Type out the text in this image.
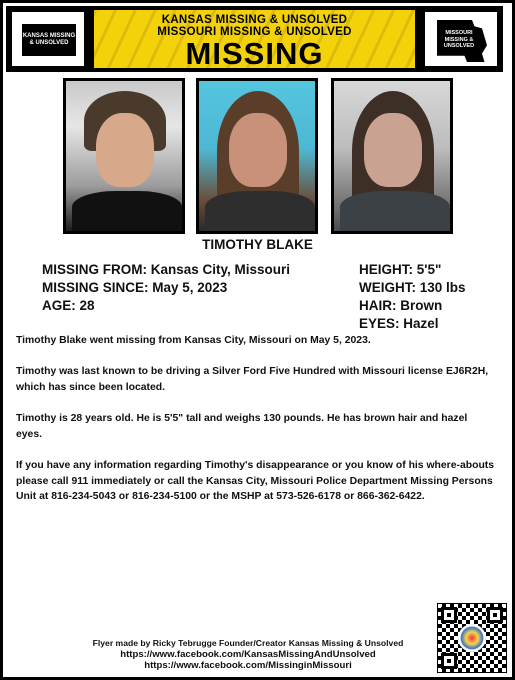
KANSAS MISSING & UNSOLVED
KANSAS MISSING & UNSOLVED
MISSOURI MISSING & UNSOLVED
MISSING
MISSOURI MISSING & UNSOLVED
TIMOTHY BLAKE
MISSING FROM: Kansas City, Missouri
MISSING SINCE: May 5, 2023
AGE: 28
HEIGHT: 5'5"
WEIGHT: 130 lbs
HAIR: Brown
EYES: Hazel
Timothy Blake went missing from Kansas City, Missouri on May 5, 2023.
Timothy was last known to be driving a Silver Ford Five Hundred with Missouri license EJ6R2H, which has since been located.
Timothy is 28 years old. He is 5'5" tall and weighs 130 pounds. He has brown hair and hazel eyes.
If you have any information regarding Timothy's disappearance or you know of his where-abouts please call 911 immediately or call the Kansas City, Missouri Police Department Missing Persons Unit at 816-234-5043 or 816-234-5100 or the MSHP at 573-526-6178 or 866-362-6422.
Flyer made by Ricky Tebrugge Founder/Creator Kansas Missing & Unsolved
https://www.facebook.com/KansasMissingAndUnsolved
https://www.facebook.com/MissinginMissouri
